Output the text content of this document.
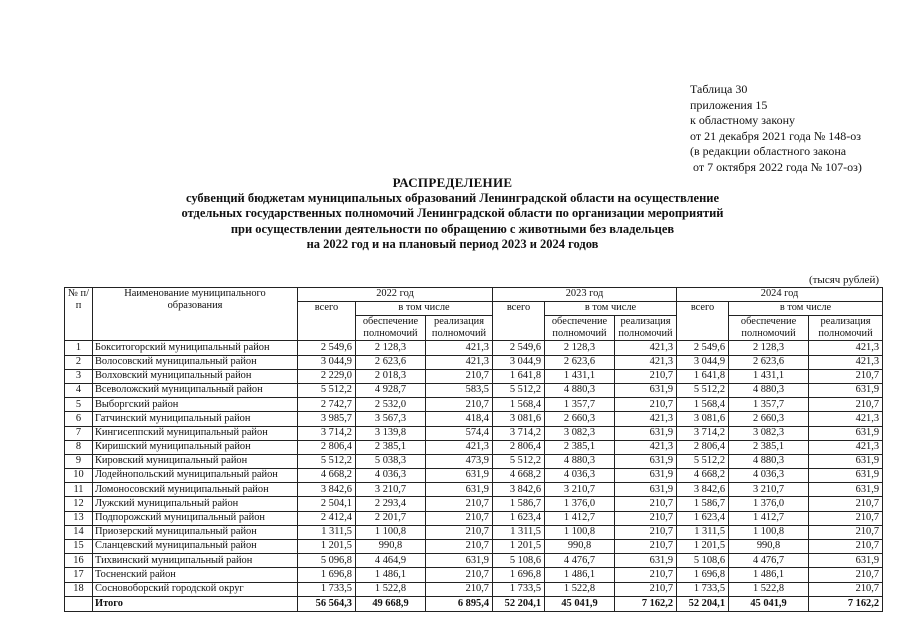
Таблица 30
приложения 15
к областному закону
от 21 декабря 2021 года № 148-оз
(в редакции областного закона
от 7 октября 2022 года № 107-оз)
РАСПРЕДЕЛЕНИЕ
субвенций бюджетам муниципальных образований Ленинградской области на осуществление
отдельных государственных полномочий Ленинградской области по организации мероприятий
при осуществлении деятельности по обращению с животными без владельцев
на 2022 год и на плановый период 2023 и 2024 годов
(тысяч рублей)
№ п/п	Наименование муниципального образования	2022 год			2023 год			2024 год		
		всего	в том числе		всего	в том числе		всего	в том числе	
			обеспечение полномочий	реализация полномочий		обеспечение полномочий	реализация полномочий		обеспечение полномочий	реализация полномочий
1	Бокситогорский муниципальный район	2 549,6	2 128,3	421,3	2 549,6	2 128,3	421,3	2 549,6	2 128,3	421,3
2	Волосовский муниципальный район	3 044,9	2 623,6	421,3	3 044,9	2 623,6	421,3	3 044,9	2 623,6	421,3
3	Волховский муниципальный район	2 229,0	2 018,3	210,7	1 641,8	1 431,1	210,7	1 641,8	1 431,1	210,7
4	Всеволожский муниципальный район	5 512,2	4 928,7	583,5	5 512,2	4 880,3	631,9	5 512,2	4 880,3	631,9
5	Выборгский район	2 742,7	2 532,0	210,7	1 568,4	1 357,7	210,7	1 568,4	1 357,7	210,7
6	Гатчинский муниципальный район	3 985,7	3 567,3	418,4	3 081,6	2 660,3	421,3	3 081,6	2 660,3	421,3
7	Кингисеппский муниципальный район	3 714,2	3 139,8	574,4	3 714,2	3 082,3	631,9	3 714,2	3 082,3	631,9
8	Киришский муниципальный район	2 806,4	2 385,1	421,3	2 806,4	2 385,1	421,3	2 806,4	2 385,1	421,3
9	Кировский муниципальный район	5 512,2	5 038,3	473,9	5 512,2	4 880,3	631,9	5 512,2	4 880,3	631,9
10	Лодейнопольский муниципальный район	4 668,2	4 036,3	631,9	4 668,2	4 036,3	631,9	4 668,2	4 036,3	631,9
11	Ломоносовский муниципальный район	3 842,6	3 210,7	631,9	3 842,6	3 210,7	631,9	3 842,6	3 210,7	631,9
12	Лужский муниципальный район	2 504,1	2 293,4	210,7	1 586,7	1 376,0	210,7	1 586,7	1 376,0	210,7
13	Подпорожский муниципальный район	2 412,4	2 201,7	210,7	1 623,4	1 412,7	210,7	1 623,4	1 412,7	210,7
14	Приозерский муниципальный район	1 311,5	1 100,8	210,7	1 311,5	1 100,8	210,7	1 311,5	1 100,8	210,7
15	Сланцевский муниципальный район	1 201,5	990,8	210,7	1 201,5	990,8	210,7	1 201,5	990,8	210,7
16	Тихвинский муниципальный район	5 096,8	4 464,9	631,9	5 108,6	4 476,7	631,9	5 108,6	4 476,7	631,9
17	Тосненский район	1 696,8	1 486,1	210,7	1 696,8	1 486,1	210,7	1 696,8	1 486,1	210,7
18	Сосновоборский городской округ	1 733,5	1 522,8	210,7	1 733,5	1 522,8	210,7	1 733,5	1 522,8	210,7
	Итого	56 564,3	49 668,9	6 895,4	52 204,1	45 041,9	7 162,2	52 204,1	45 041,9	7 162,2
